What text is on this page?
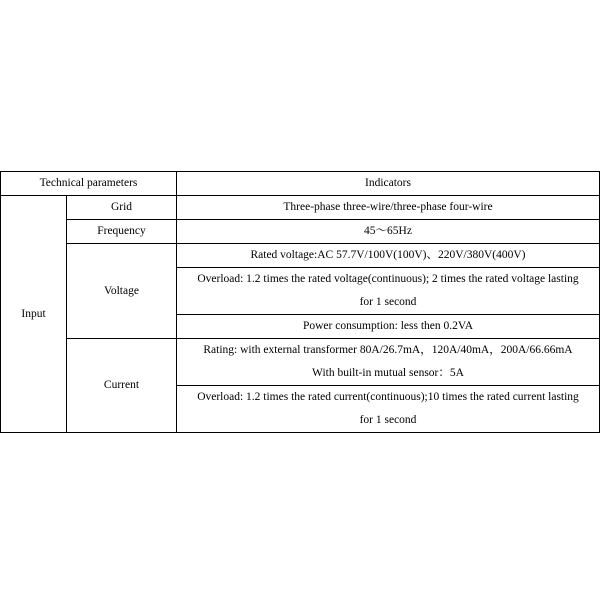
Technical parameters	Indicators
Input	Grid	Three-phase three-wire/three-phase four-wire
	Frequency	45～65Hz
	Voltage	Rated voltage:AC 57.7V/100V(100V)、220V/380V(400V)

		Overload: 1.2 times the rated voltage(continuous); 2 times the rated voltage lasting
for 1 second

		Power consumption: less then 0.2VA
	Current	Rating: with external transformer 80A/26.7mA，120A/40mA，200A/66.66mA
With built-in mutual sensor：5A

		Overload: 1.2 times the rated current(continuous);10 times the rated current lasting
for 1 second
